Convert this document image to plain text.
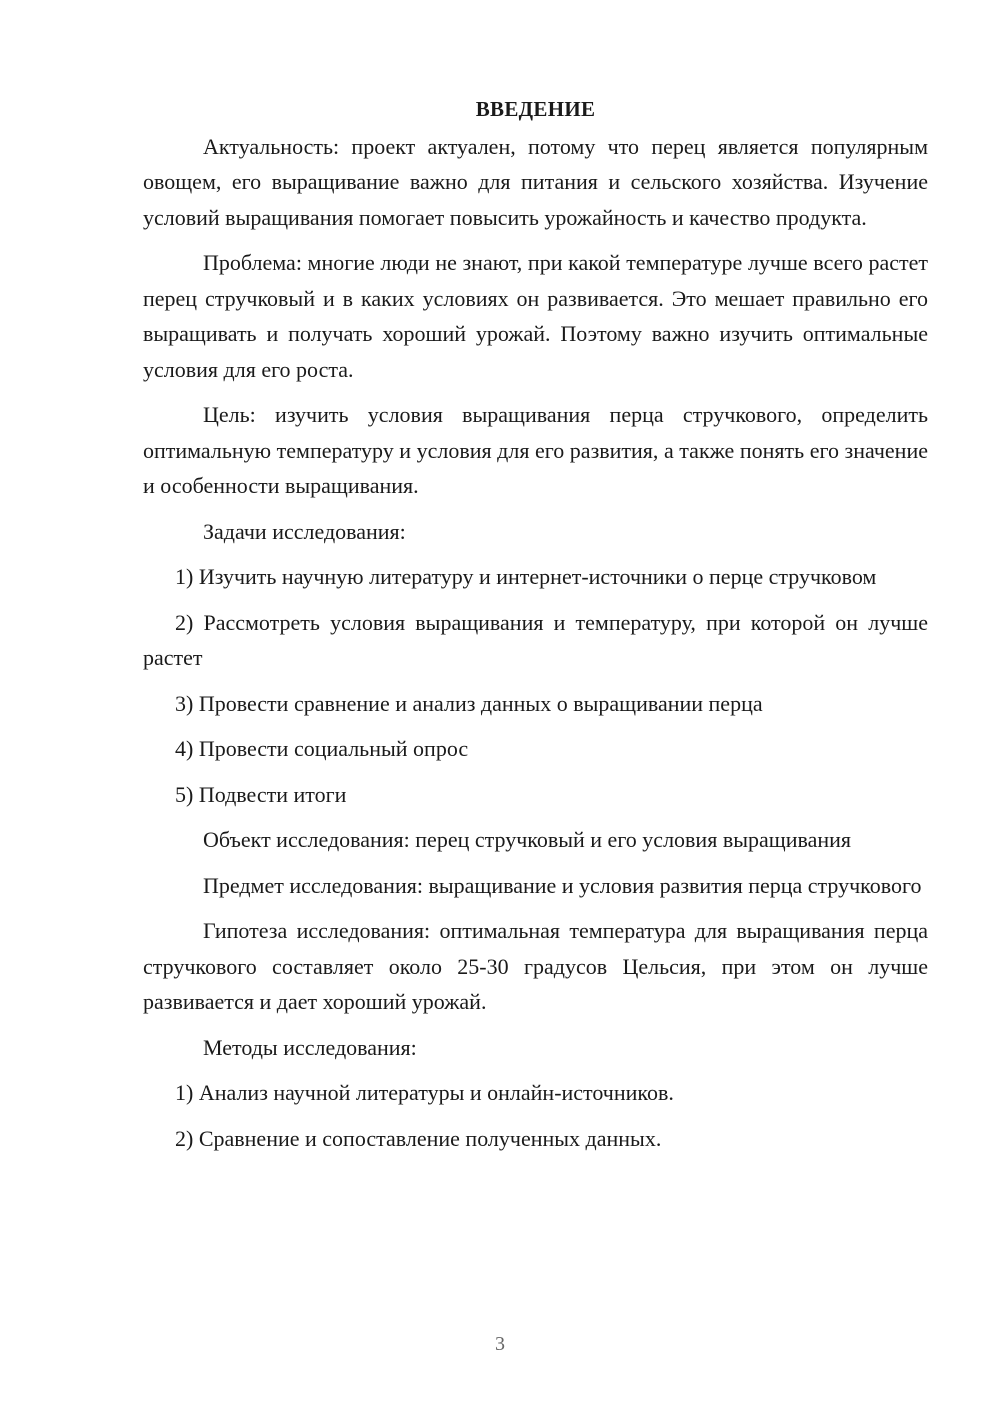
ВВЕДЕНИЕ

Актуальность: проект актуален, потому что перец является популярным овощем, его выращивание важно для питания и сельского хозяйства. Изучение условий выращивания помогает повысить урожайность и качество продукта.

Проблема: многие люди не знают, при какой температуре лучше всего растет перец стручковый и в каких условиях он развивается. Это мешает правильно его выращивать и получать хороший урожай. Поэтому важно изучить оптимальные условия для его роста.

Цель: изучить условия выращивания перца стручкового, определить оптимальную температуру и условия для его развития, а также понять его значение и особенности выращивания.

Задачи исследования:

1) Изучить научную литературу и интернет-источники о перце стручковом

2) Рассмотреть условия выращивания и температуру, при которой он лучше растет

3) Провести сравнение и анализ данных о выращивании перца

4) Провести социальный опрос

5) Подвести итоги

Объект исследования: перец стручковый и его условия выращивания

Предмет исследования: выращивание и условия развития перца стручкового

Гипотеза исследования: оптимальная температура для выращивания перца стручкового составляет около 25-30 градусов Цельсия, при этом он лучше развивается и дает хороший урожай.

Методы исследования:

1) Анализ научной литературы и онлайн-источников.

2) Сравнение и сопоставление полученных данных.

3
